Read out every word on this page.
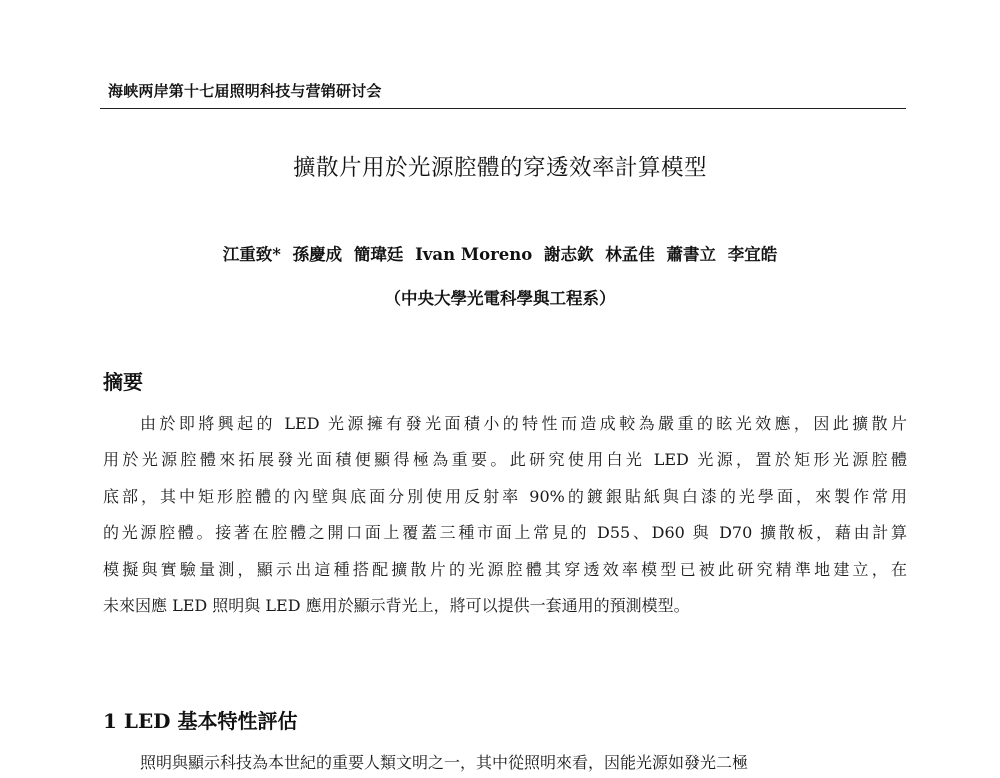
海峡两岸第十七届照明科技与营销研讨会
擴散片用於光源腔體的穿透效率計算模型
江重致* 孫慶成 簡瑋廷 Ivan Moreno 謝志欽 林孟佳 蕭書立 李宜皓
（中央大學光電科學與工程系）
摘要
由於即將興起的 LED 光源擁有發光面積小的特性而造成較為嚴重的眩光效應，因此擴散片
用於光源腔體來拓展發光面積便顯得極為重要。此研究使用白光 LED 光源，置於矩形光源腔體
底部，其中矩形腔體的內壁與底面分別使用反射率 90%的鍍銀貼紙與白漆的光學面，來製作常用
的光源腔體。接著在腔體之開口面上覆蓋三種市面上常見的 D55、D60 與 D70 擴散板，藉由計算
模擬與實驗量測，顯示出這種搭配擴散片的光源腔體其穿透效率模型已被此研究精準地建立，在
未來因應 LED 照明與 LED 應用於顯示背光上，將可以提供一套通用的預測模型。
1 LED 基本特性評估
照明與顯示科技為本世紀的重要人類文明之一，其中從照明來看，因能光源如發光二極
